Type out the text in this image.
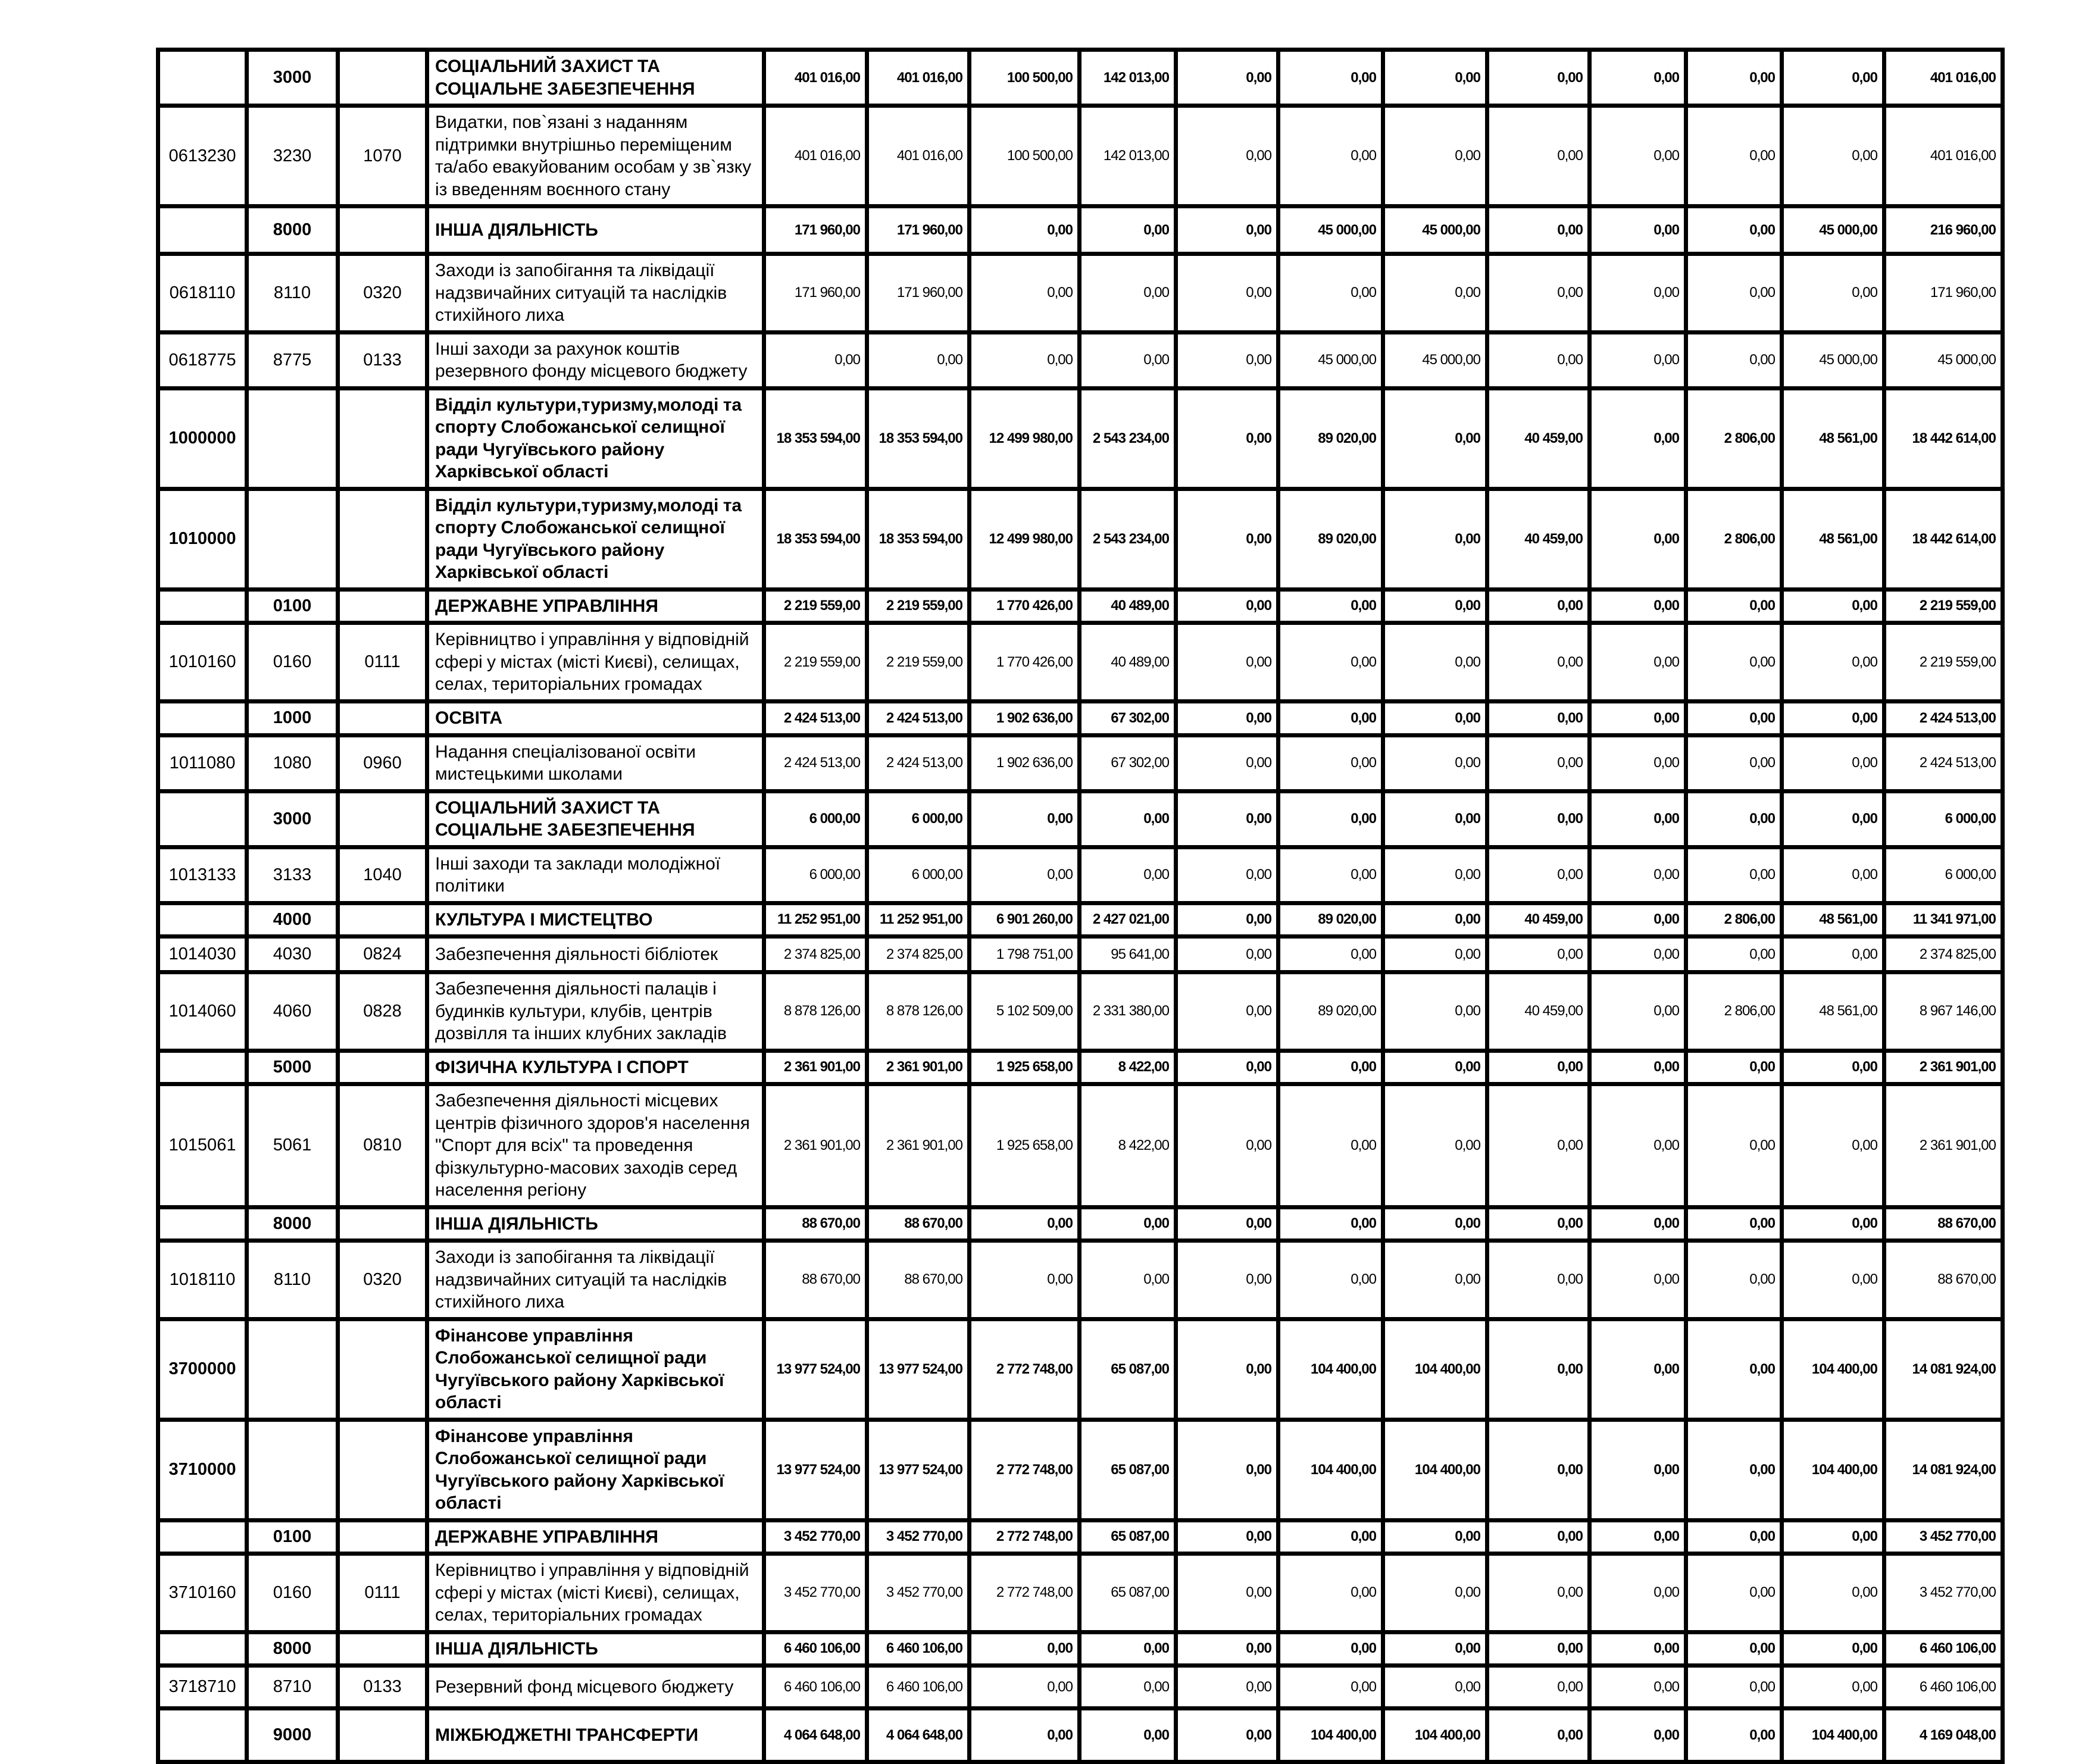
	3000		СОЦІАЛЬНИЙ ЗАХИСТ ТА СОЦІАЛЬНЕ ЗАБЕЗПЕЧЕННЯ	401 016,00	401 016,00	100 500,00	142 013,00	0,00	0,00	0,00	0,00	0,00	0,00	0,00	401 016,00
0613230	3230	1070	Видатки, пов`язані з наданням підтримки внутрішньо переміщеним та/або евакуйованим особам у зв`язку із введенням воєнного стану	401 016,00	401 016,00	100 500,00	142 013,00	0,00	0,00	0,00	0,00	0,00	0,00	0,00	401 016,00
	8000		ІНША ДІЯЛЬНІСТЬ	171 960,00	171 960,00	0,00	0,00	0,00	45 000,00	45 000,00	0,00	0,00	0,00	45 000,00	216 960,00
0618110	8110	0320	Заходи із запобігання та ліквідації надзвичайних ситуацій та наслідків стихійного лиха	171 960,00	171 960,00	0,00	0,00	0,00	0,00	0,00	0,00	0,00	0,00	0,00	171 960,00
0618775	8775	0133	Інші заходи за рахунок коштів резервного фонду місцевого бюджету	0,00	0,00	0,00	0,00	0,00	45 000,00	45 000,00	0,00	0,00	0,00	45 000,00	45 000,00
1000000			Відділ культури,туризму,молоді та спорту Слобожанської селищної ради Чугуївського району Харківської області	18 353 594,00	18 353 594,00	12 499 980,00	2 543 234,00	0,00	89 020,00	0,00	40 459,00	0,00	2 806,00	48 561,00	18 442 614,00
1010000			Відділ культури,туризму,молоді та спорту Слобожанської селищної ради Чугуївського району Харківської області	18 353 594,00	18 353 594,00	12 499 980,00	2 543 234,00	0,00	89 020,00	0,00	40 459,00	0,00	2 806,00	48 561,00	18 442 614,00
	0100		ДЕРЖАВНЕ УПРАВЛІННЯ	2 219 559,00	2 219 559,00	1 770 426,00	40 489,00	0,00	0,00	0,00	0,00	0,00	0,00	0,00	2 219 559,00
1010160	0160	0111	Керівництво і управління у відповідній сфері у містах (місті Києві), селищах, селах, територіальних громадах	2 219 559,00	2 219 559,00	1 770 426,00	40 489,00	0,00	0,00	0,00	0,00	0,00	0,00	0,00	2 219 559,00
	1000		ОСВІТА	2 424 513,00	2 424 513,00	1 902 636,00	67 302,00	0,00	0,00	0,00	0,00	0,00	0,00	0,00	2 424 513,00
1011080	1080	0960	Надання спеціалізованої освіти мистецькими школами	2 424 513,00	2 424 513,00	1 902 636,00	67 302,00	0,00	0,00	0,00	0,00	0,00	0,00	0,00	2 424 513,00
	3000		СОЦІАЛЬНИЙ ЗАХИСТ ТА СОЦІАЛЬНЕ ЗАБЕЗПЕЧЕННЯ	6 000,00	6 000,00	0,00	0,00	0,00	0,00	0,00	0,00	0,00	0,00	0,00	6 000,00
1013133	3133	1040	Інші заходи та заклади молодіжної політики	6 000,00	6 000,00	0,00	0,00	0,00	0,00	0,00	0,00	0,00	0,00	0,00	6 000,00
	4000		КУЛЬТУРА І МИСТЕЦТВО	11 252 951,00	11 252 951,00	6 901 260,00	2 427 021,00	0,00	89 020,00	0,00	40 459,00	0,00	2 806,00	48 561,00	11 341 971,00
1014030	4030	0824	Забезпечення діяльності бібліотек	2 374 825,00	2 374 825,00	1 798 751,00	95 641,00	0,00	0,00	0,00	0,00	0,00	0,00	0,00	2 374 825,00
1014060	4060	0828	Забезпечення діяльності палаців і будинків культури, клубів, центрів дозвілля та інших клубних закладів	8 878 126,00	8 878 126,00	5 102 509,00	2 331 380,00	0,00	89 020,00	0,00	40 459,00	0,00	2 806,00	48 561,00	8 967 146,00
	5000		ФІЗИЧНА КУЛЬТУРА І СПОРТ	2 361 901,00	2 361 901,00	1 925 658,00	8 422,00	0,00	0,00	0,00	0,00	0,00	0,00	0,00	2 361 901,00
1015061	5061	0810	Забезпечення діяльності місцевих центрів фізичного здоров'я населення "Спорт для всіх" та проведення фізкультурно-масових заходів серед населення регіону	2 361 901,00	2 361 901,00	1 925 658,00	8 422,00	0,00	0,00	0,00	0,00	0,00	0,00	0,00	2 361 901,00
	8000		ІНША ДІЯЛЬНІСТЬ	88 670,00	88 670,00	0,00	0,00	0,00	0,00	0,00	0,00	0,00	0,00	0,00	88 670,00
1018110	8110	0320	Заходи із запобігання та ліквідації надзвичайних ситуацій та наслідків стихійного лиха	88 670,00	88 670,00	0,00	0,00	0,00	0,00	0,00	0,00	0,00	0,00	0,00	88 670,00
3700000			Фінансове управління Слобожанської селищної ради Чугуївського району Харківської області	13 977 524,00	13 977 524,00	2 772 748,00	65 087,00	0,00	104 400,00	104 400,00	0,00	0,00	0,00	104 400,00	14 081 924,00
3710000			Фінансове управління Слобожанської селищної ради Чугуївського району Харківської області	13 977 524,00	13 977 524,00	2 772 748,00	65 087,00	0,00	104 400,00	104 400,00	0,00	0,00	0,00	104 400,00	14 081 924,00
	0100		ДЕРЖАВНЕ УПРАВЛІННЯ	3 452 770,00	3 452 770,00	2 772 748,00	65 087,00	0,00	0,00	0,00	0,00	0,00	0,00	0,00	3 452 770,00
3710160	0160	0111	Керівництво і управління у відповідній сфері у містах (місті Києві), селищах, селах, територіальних громадах	3 452 770,00	3 452 770,00	2 772 748,00	65 087,00	0,00	0,00	0,00	0,00	0,00	0,00	0,00	3 452 770,00
	8000		ІНША ДІЯЛЬНІСТЬ	6 460 106,00	6 460 106,00	0,00	0,00	0,00	0,00	0,00	0,00	0,00	0,00	0,00	6 460 106,00
3718710	8710	0133	Резервний фонд місцевого бюджету	6 460 106,00	6 460 106,00	0,00	0,00	0,00	0,00	0,00	0,00	0,00	0,00	0,00	6 460 106,00
	9000		МІЖБЮДЖЕТНІ ТРАНСФЕРТИ	4 064 648,00	4 064 648,00	0,00	0,00	0,00	104 400,00	104 400,00	0,00	0,00	0,00	104 400,00	4 169 048,00
